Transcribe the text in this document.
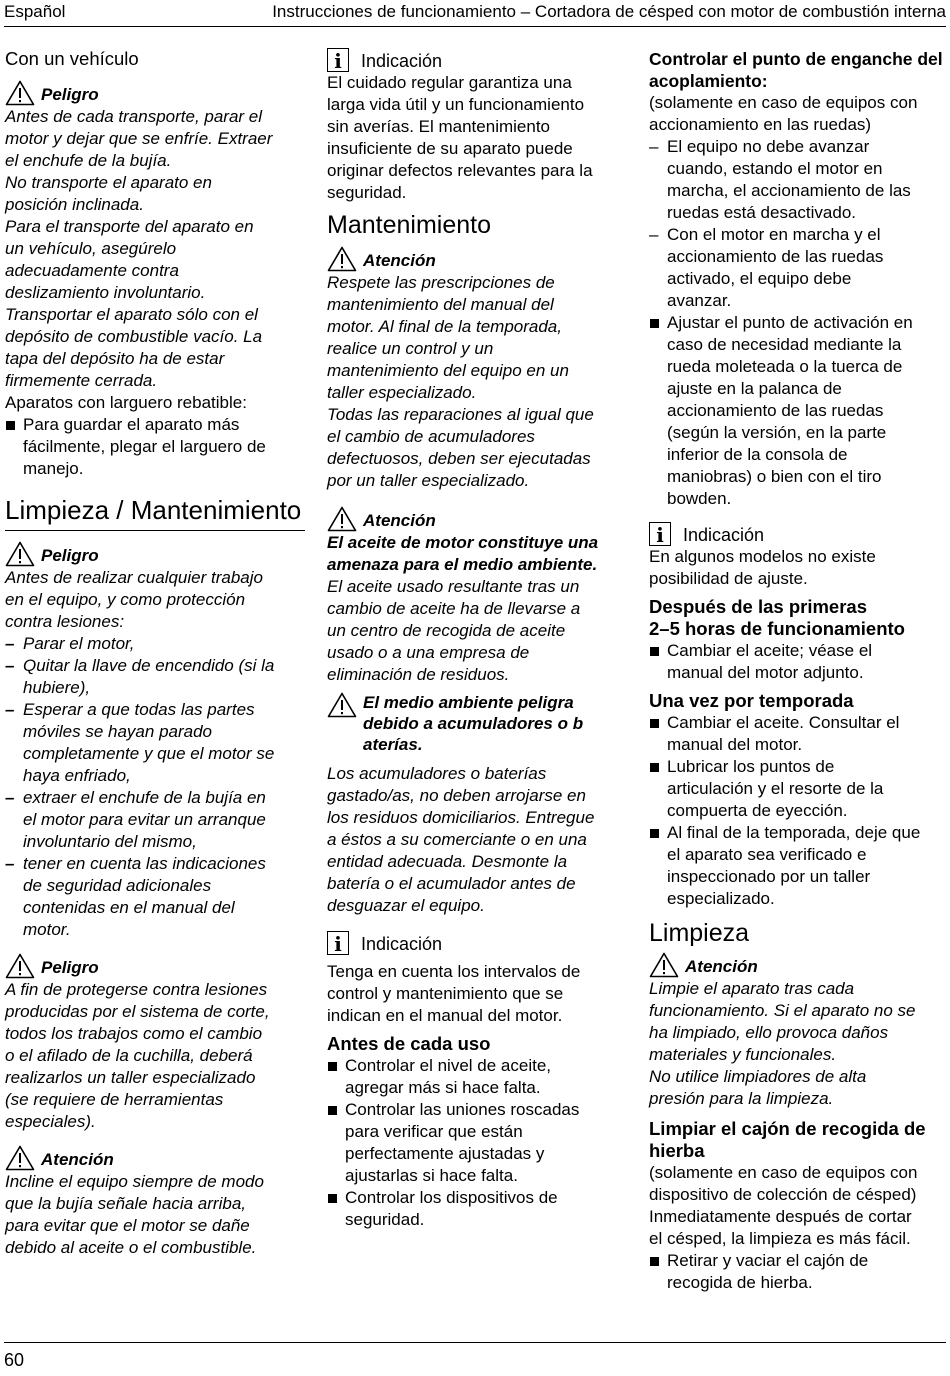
Español	Instrucciones de funcionamiento – Cortadora de césped con motor de combustión interna

Con un vehículo

Peligro

Antes de cada transporte, parar el

motor y dejar que se enfríe. Extraer

el enchufe de la bujía.

No transporte el aparato en

posición inclinada.

Para el transporte del aparato en

un vehículo, asegúrelo

adecuadamente contra

deslizamiento involuntario.

Transportar el aparato sólo con el

depósito de combustible vacío. La

tapa del depósito ha de estar

firmemente cerrada.

Aparatos con larguero rebatible:

Para guardar el aparato más
fácilmente, plegar el larguero de
manejo.

Limpieza / Mantenimiento

Peligro

Antes de realizar cualquier trabajo

en el equipo, y como protección

contra lesiones:

– Parar el motor,
– Quitar la llave de encendido (si la
hubiere),
– Esperar a que todas las partes
móviles se hayan parado
completamente y que el motor se
haya enfriado,
– extraer el enchufe de la bujía en
el motor para evitar un arranque
involuntario del mismo,
– tener en cuenta las indicaciones
de seguridad adicionales
contenidas en el manual del
motor.
Peligro

A fin de protegerse contra lesiones

producidas por el sistema de corte,

todos los trabajos como el cambio

o el afilado de la cuchilla, deberá

realizarlos un taller especializado

(se requiere de herramientas

especiales).

Atención

Incline el equipo siempre de modo

que la bujía señale hacia arriba,

para evitar que el motor se dañe

debido al aceite o el combustible.

i	Indicación

El cuidado regular garantiza una

larga vida útil y un funcionamiento

sin averías. El mantenimiento

insuficiente de su aparato puede

originar defectos relevantes para la

seguridad.

Mantenimiento

Atención

Respete las prescripciones de

mantenimiento del manual del

motor. Al final de la temporada,

realice un control y un

mantenimiento del equipo en un

taller especializado.

Todas las reparaciones al igual que

el cambio de acumuladores

defectuosos, deben ser ejecutadas

por un taller especializado.

Atención

El aceite de motor constituye una

amenaza para el medio ambiente.

El aceite usado resultante tras un

cambio de aceite ha de llevarse a

un centro de recogida de aceite

usado o a una empresa de

eliminación de residuos.

El medio ambiente peligra
debido a acumuladores o b
aterías.

Los acumuladores o baterías

gastado/as, no deben arrojarse en

los residuos domiciliarios. Entregue

a éstos a su comerciante o en una

entidad adecuada. Desmonte la

batería o el acumulador antes de

desguazar el equipo.

i	Indicación

Tenga en cuenta los intervalos de

control y mantenimiento que se

indican en el manual del motor.

Antes de cada uso

Controlar el nivel de aceite,
agregar más si hace falta.
Controlar las uniones roscadas
para verificar que están
perfectamente ajustadas y
ajustarlas si hace falta.
Controlar los dispositivos de
seguridad.
Controlar el punto de enganche del
acoplamiento:

(solamente en caso de equipos con

accionamiento en las ruedas)

– El equipo no debe avanzar
cuando, estando el motor en
marcha, el accionamiento de las
ruedas está desactivado.
– Con el motor en marcha y el
accionamiento de las ruedas
activado, el equipo debe
avanzar.
Ajustar el punto de activación en
caso de necesidad mediante la
rueda moleteada o la tuerca de
ajuste en la palanca de
accionamiento de las ruedas
(según la versión, en la parte
inferior de la consola de
maniobras) o bien con el tiro
bowden.
i	Indicación

En algunos modelos no existe

posibilidad de ajuste.

Después de las primeras
2–5 horas de funcionamiento
Cambiar el aceite; véase el
manual del motor adjunto.

Una vez por temporada

Cambiar el aceite. Consultar el
manual del motor.
Lubricar los puntos de
articulación y el resorte de la
compuerta de eyección.
Al final de la temporada, deje que
el aparato sea verificado e
inspeccionado por un taller
especializado.

Limpieza

Atención

Limpie el aparato tras cada

funcionamiento. Si el aparato no se

ha limpiado, ello provoca daños

materiales y funcionales.

No utilice limpiadores de alta

presión para la limpieza.

Limpiar el cajón de recogida de
hierba

(solamente en caso de equipos con

dispositivo de colección de césped)

Inmediatamente después de cortar

el césped, la limpieza es más fácil.

Retirar y vaciar el cajón de
recogida de hierba.
60
